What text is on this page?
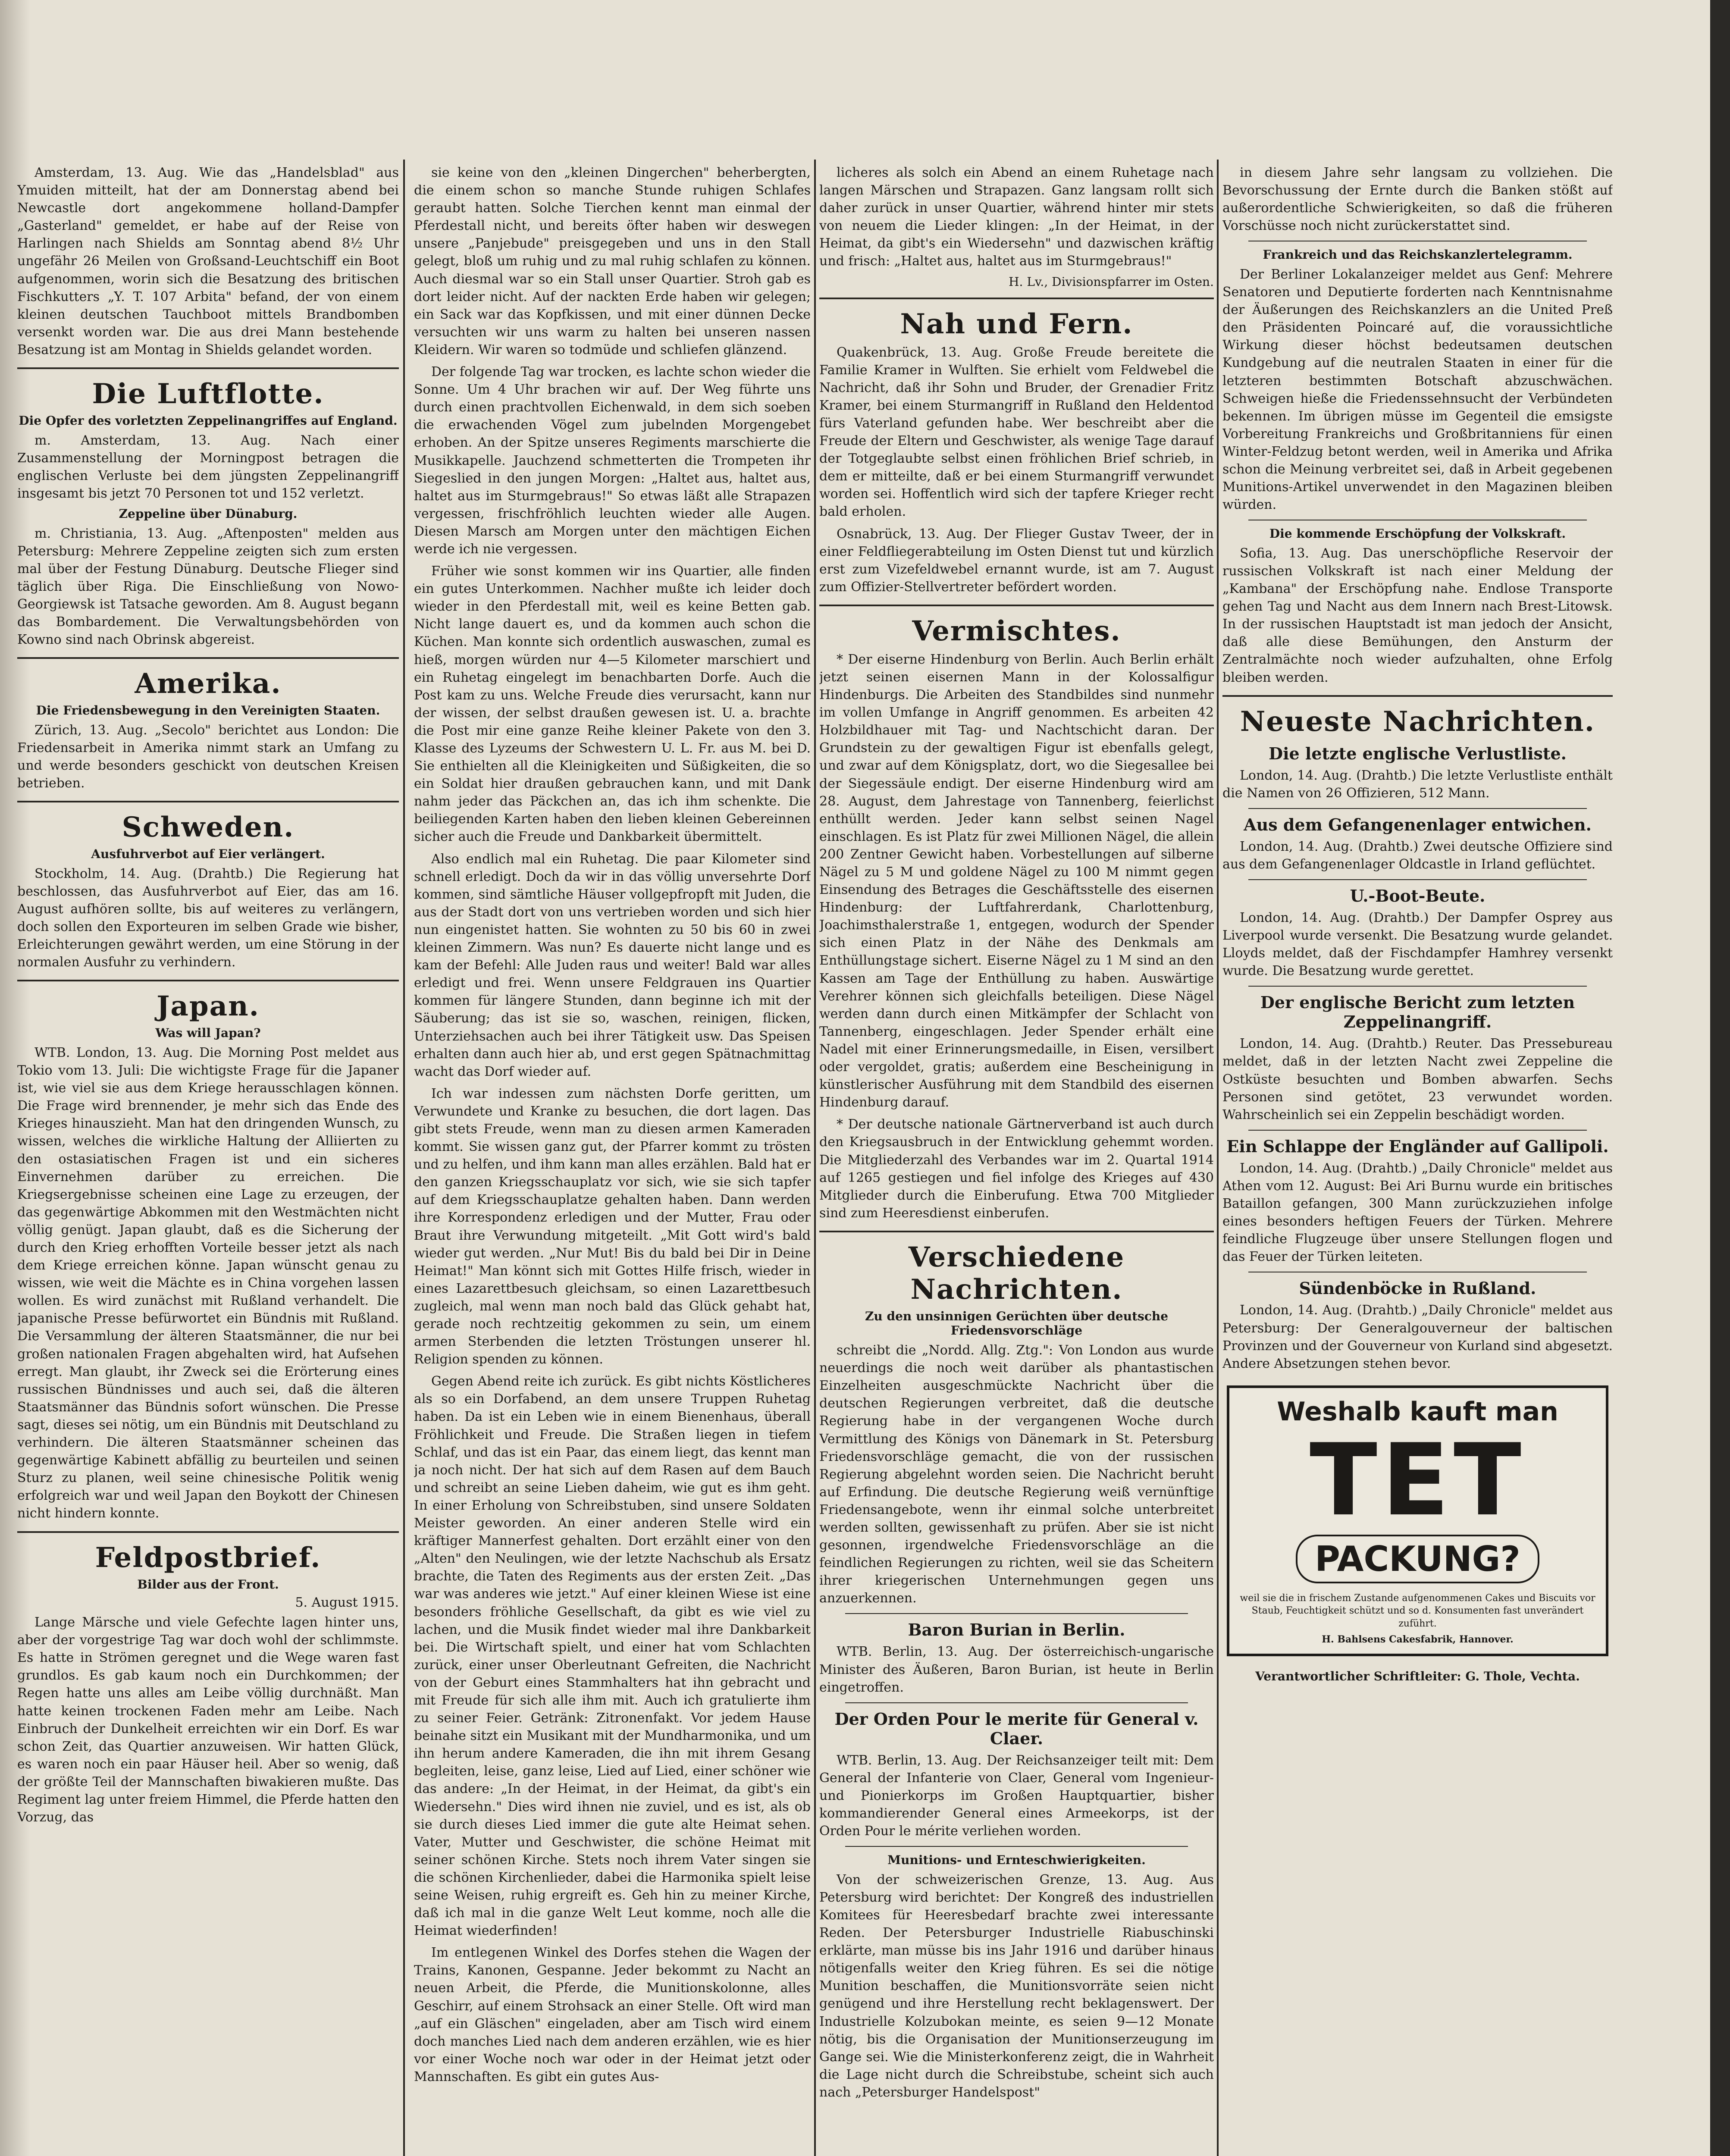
Amsterdam, 13. Aug. Wie das „Handelsblad" aus Ymuiden mitteilt, hat der am Donnerstag abend bei Newcastle dort angekommene holland-Dampfer „Gasterland" gemeldet, er habe auf der Reise von Harlingen nach Shields am Sonntag abend 8½ Uhr ungefähr 26 Meilen von Großsand-Leuchtschiff ein Boot aufgenommen, worin sich die Besatzung des britischen Fischkutters „Y. T. 107 Arbita" befand, der von einem kleinen deutschen Tauchboot mittels Brandbomben versenkt worden war. Die aus drei Mann bestehende Besatzung ist am Montag in Shields gelandet worden.

Die Luftflotte.
Die Opfer des vorletzten Zeppelinangriffes auf England.

m. Amsterdam, 13. Aug. Nach einer Zusammenstellung der Morningpost betragen die englischen Verluste bei dem jüngsten Zeppelinangriff insgesamt bis jetzt 70 Personen tot und 152 verletzt.

Zeppeline über Dünaburg.

m. Christiania, 13. Aug. „Aftenposten" melden aus Petersburg: Mehrere Zeppeline zeigten sich zum ersten mal über der Festung Dünaburg. Deutsche Flieger sind täglich über Riga. Die Einschließung von Nowo-Georgiewsk ist Tatsache geworden. Am 8. August begann das Bombardement. Die Verwaltungsbehörden von Kowno sind nach Obrinsk abgereist.

Amerika.
Die Friedensbewegung in den Vereinigten Staaten.

Zürich, 13. Aug. „Secolo" berichtet aus London: Die Friedensarbeit in Amerika nimmt stark an Umfang zu und werde besonders geschickt von deutschen Kreisen betrieben.

Schweden.
Ausfuhrverbot auf Eier verlängert.

Stockholm, 14. Aug. (Drahtb.) Die Regierung hat beschlossen, das Ausfuhrverbot auf Eier, das am 16. August aufhören sollte, bis auf weiteres zu verlängern, doch sollen den Exporteuren im selben Grade wie bisher, Erleichterungen gewährt werden, um eine Störung in der normalen Ausfuhr zu verhindern.

Japan.
Was will Japan?

WTB. London, 13. Aug. Die Morning Post meldet aus Tokio vom 13. Juli: Die wichtigste Frage für die Japaner ist, wie viel sie aus dem Kriege herausschlagen können. Die Frage wird brennender, je mehr sich das Ende des Krieges hinauszieht. Man hat den dringenden Wunsch, zu wissen, welches die wirkliche Haltung der Alliierten zu den ostasiatischen Fragen ist und ein sicheres Einvernehmen darüber zu erreichen. Die Kriegsergebnisse scheinen eine Lage zu erzeugen, der das gegenwärtige Abkommen mit den Westmächten nicht völlig genügt. Japan glaubt, daß es die Sicherung der durch den Krieg erhofften Vorteile besser jetzt als nach dem Kriege erreichen könne. Japan wünscht genau zu wissen, wie weit die Mächte es in China vorgehen lassen wollen. Es wird zunächst mit Rußland verhandelt. Die japanische Presse befürwortet ein Bündnis mit Rußland. Die Versammlung der älteren Staatsmänner, die nur bei großen nationalen Fragen abgehalten wird, hat Aufsehen erregt. Man glaubt, ihr Zweck sei die Erörterung eines russischen Bündnisses und auch sei, daß die älteren Staatsmänner das Bündnis sofort wünschen. Die Presse sagt, dieses sei nötig, um ein Bündnis mit Deutschland zu verhindern. Die älteren Staatsmänner scheinen das gegenwärtige Kabinett abfällig zu beurteilen und seinen Sturz zu planen, weil seine chinesische Politik wenig erfolgreich war und weil Japan den Boykott der Chinesen nicht hindern konnte.

Feldpostbrief.
Bilder aus der Front.
5. August 1915.

Lange Märsche und viele Gefechte lagen hinter uns, aber der vorgestrige Tag war doch wohl der schlimmste. Es hatte in Strömen geregnet und die Wege waren fast grundlos. Es gab kaum noch ein Durchkommen; der Regen hatte uns alles am Leibe völlig durchnäßt. Man hatte keinen trockenen Faden mehr am Leibe. Nach Einbruch der Dunkelheit erreichten wir ein Dorf. Es war schon Zeit, das Quartier anzuweisen. Wir hatten Glück, es waren noch ein paar Häuser heil. Aber so wenig, daß der größte Teil der Mannschaften biwakieren mußte. Das Regiment lag unter freiem Himmel, die Pferde hatten den Vorzug, das

sie keine von den „kleinen Dingerchen" beherbergten, die einem schon so manche Stunde ruhigen Schlafes geraubt hatten. Solche Tierchen kennt man einmal der Pferdestall nicht, und bereits öfter haben wir deswegen unsere „Panjebude" preisgegeben und uns in den Stall gelegt, bloß um ruhig und zu mal ruhig schlafen zu können. Auch diesmal war so ein Stall unser Quartier. Stroh gab es dort leider nicht. Auf der nackten Erde haben wir gelegen; ein Sack war das Kopfkissen, und mit einer dünnen Decke versuchten wir uns warm zu halten bei unseren nassen Kleidern. Wir waren so todmüde und schliefen glänzend.

Der folgende Tag war trocken, es lachte schon wieder die Sonne. Um 4 Uhr brachen wir auf. Der Weg führte uns durch einen prachtvollen Eichenwald, in dem sich soeben die erwachenden Vögel zum jubelnden Morgengebet erhoben. An der Spitze unseres Regiments marschierte die Musikkapelle. Jauchzend schmetterten die Trompeten ihr Siegeslied in den jungen Morgen: „Haltet aus, haltet aus, haltet aus im Sturmgebraus!" So etwas läßt alle Strapazen vergessen, frischfröhlich leuchten wieder alle Augen. Diesen Marsch am Morgen unter den mächtigen Eichen werde ich nie vergessen.

Früher wie sonst kommen wir ins Quartier, alle finden ein gutes Unterkommen. Nachher mußte ich leider doch wieder in den Pferdestall mit, weil es keine Betten gab. Nicht lange dauert es, und da kommen auch schon die Küchen. Man konnte sich ordentlich auswaschen, zumal es hieß, morgen würden nur 4—5 Kilometer marschiert und ein Ruhetag eingelegt im benachbarten Dorfe. Auch die Post kam zu uns. Welche Freude dies verursacht, kann nur der wissen, der selbst draußen gewesen ist. U. a. brachte die Post mir eine ganze Reihe kleiner Pakete von den 3. Klasse des Lyzeums der Schwestern U. L. Fr. aus M. bei D. Sie enthielten all die Kleinigkeiten und Süßigkeiten, die so ein Soldat hier draußen gebrauchen kann, und mit Dank nahm jeder das Päckchen an, das ich ihm schenkte. Die beiliegenden Karten haben den lieben kleinen Gebereinnen sicher auch die Freude und Dankbarkeit übermittelt.

Also endlich mal ein Ruhetag. Die paar Kilometer sind schnell erledigt. Doch da wir in das völlig unversehrte Dorf kommen, sind sämtliche Häuser vollgepfropft mit Juden, die aus der Stadt dort von uns vertrieben worden und sich hier nun eingenistet hatten. Sie wohnten zu 50 bis 60 in zwei kleinen Zimmern. Was nun? Es dauerte nicht lange und es kam der Befehl: Alle Juden raus und weiter! Bald war alles erledigt und frei. Wenn unsere Feldgrauen ins Quartier kommen für längere Stunden, dann beginne ich mit der Säuberung; das ist sie so, waschen, reinigen, flicken, Unterziehsachen auch bei ihrer Tätigkeit usw. Das Speisen erhalten dann auch hier ab, und erst gegen Spätnachmittag wacht das Dorf wieder auf.

Ich war indessen zum nächsten Dorfe geritten, um Verwundete und Kranke zu besuchen, die dort lagen. Das gibt stets Freude, wenn man zu diesen armen Kameraden kommt. Sie wissen ganz gut, der Pfarrer kommt zu trösten und zu helfen, und ihm kann man alles erzählen. Bald hat er den ganzen Kriegsschauplatz vor sich, wie sie sich tapfer auf dem Kriegsschauplatze gehalten haben. Dann werden ihre Korrespondenz erledigen und der Mutter, Frau oder Braut ihre Verwundung mitgeteilt. „Mit Gott wird's bald wieder gut werden. „Nur Mut! Bis du bald bei Dir in Deine Heimat!" Man könnt sich mit Gottes Hilfe frisch, wieder in eines Lazarettbesuch gleichsam, so einen Lazarettbesuch zugleich, mal wenn man noch bald das Glück gehabt hat, gerade noch rechtzeitig gekommen zu sein, um einem armen Sterbenden die letzten Tröstungen unserer hl. Religion spenden zu können.

Gegen Abend reite ich zurück. Es gibt nichts Köstlicheres als so ein Dorfabend, an dem unsere Truppen Ruhetag haben. Da ist ein Leben wie in einem Bienenhaus, überall Fröhlichkeit und Freude. Die Straßen liegen in tiefem Schlaf, und das ist ein Paar, das einem liegt, das kennt man ja noch nicht. Der hat sich auf dem Rasen auf dem Bauch und schreibt an seine Lieben daheim, wie gut es ihm geht. In einer Erholung von Schreibstuben, sind unsere Soldaten Meister geworden. An einer anderen Stelle wird ein kräftiger Mannerfest gehalten. Dort erzählt einer von den „Alten" den Neulingen, wie der letzte Nachschub als Ersatz brachte, die Taten des Regiments aus der ersten Zeit. „Das war was anderes wie jetzt." Auf einer kleinen Wiese ist eine besonders fröhliche Gesellschaft, da gibt es wie viel zu lachen, und die Musik findet wieder mal ihre Dankbarkeit bei. Die Wirtschaft spielt, und einer hat vom Schlachten zurück, einer unser Oberleutnant Gefreiten, die Nachricht von der Geburt eines Stammhalters hat ihn gebracht und mit Freude für sich alle ihm mit. Auch ich gratulierte ihm zu seiner Feier. Getränk: Zitronenfakt. Vor jedem Hause beinahe sitzt ein Musikant mit der Mundharmonika, und um ihn herum andere Kameraden, die ihn mit ihrem Gesang begleiten, leise, ganz leise, Lied auf Lied, einer schöner wie das andere: „In der Heimat, in der Heimat, da gibt's ein Wiedersehn." Dies wird ihnen nie zuviel, und es ist, als ob sie durch dieses Lied immer die gute alte Heimat sehen. Vater, Mutter und Geschwister, die schöne Heimat mit seiner schönen Kirche. Stets noch ihrem Vater singen sie die schönen Kirchenlieder, dabei die Harmonika spielt leise seine Weisen, ruhig ergreift es. Geh hin zu meiner Kirche, daß ich mal in die ganze Welt Leut komme, noch alle die Heimat wiederfinden!

Im entlegenen Winkel des Dorfes stehen die Wagen der Trains, Kanonen, Gespanne. Jeder bekommt zu Nacht an neuen Arbeit, die Pferde, die Munitionskolonne, alles Geschirr, auf einem Strohsack an einer Stelle. Oft wird man „auf ein Gläschen" eingeladen, aber am Tisch wird einem doch manches Lied nach dem anderen erzählen, wie es hier vor einer Woche noch war oder in der Heimat jetzt oder Mannschaften. Es gibt ein gutes Aus-

licheres als solch ein Abend an einem Ruhetage nach langen Märschen und Strapazen. Ganz langsam rollt sich daher zurück in unser Quartier, während hinter mir stets von neuem die Lieder klingen: „In der Heimat, in der Heimat, da gibt's ein Wiedersehn" und dazwischen kräftig und frisch: „Haltet aus, haltet aus im Sturmgebraus!"

H. Lv., Divisionspfarrer im Osten.
Nah und Fern.

Quakenbrück, 13. Aug. Große Freude bereitete die Familie Kramer in Wulften. Sie erhielt vom Feldwebel die Nachricht, daß ihr Sohn und Bruder, der Grenadier Fritz Kramer, bei einem Sturmangriff in Rußland den Heldentod fürs Vaterland gefunden habe. Wer beschreibt aber die Freude der Eltern und Geschwister, als wenige Tage darauf der Totgeglaubte selbst einen fröhlichen Brief schrieb, in dem er mitteilte, daß er bei einem Sturmangriff verwundet worden sei. Hoffentlich wird sich der tapfere Krieger recht bald erholen.

Osnabrück, 13. Aug. Der Flieger Gustav Tweer, der in einer Feldfliegerabteilung im Osten Dienst tut und kürzlich erst zum Vizefeldwebel ernannt wurde, ist am 7. August zum Offizier-Stellvertreter befördert worden.

Vermischtes.

* Der eiserne Hindenburg von Berlin. Auch Berlin erhält jetzt seinen eisernen Mann in der Kolossalfigur Hindenburgs. Die Arbeiten des Standbildes sind nunmehr im vollen Umfange in Angriff genommen. Es arbeiten 42 Holzbildhauer mit Tag- und Nachtschicht daran. Der Grundstein zu der gewaltigen Figur ist ebenfalls gelegt, und zwar auf dem Königsplatz, dort, wo die Siegesallee bei der Siegessäule endigt. Der eiserne Hindenburg wird am 28. August, dem Jahrestage von Tannenberg, feierlichst enthüllt werden. Jeder kann selbst seinen Nagel einschlagen. Es ist Platz für zwei Millionen Nägel, die allein 200 Zentner Gewicht haben. Vorbestellungen auf silberne Nägel zu 5 M und goldene Nägel zu 100 M nimmt gegen Einsendung des Betrages die Geschäftsstelle des eisernen Hindenburg: der Luftfahrerdank, Charlottenburg, Joachimsthalerstraße 1, entgegen, wodurch der Spender sich einen Platz in der Nähe des Denkmals am Enthüllungstage sichert. Eiserne Nägel zu 1 M sind an den Kassen am Tage der Enthüllung zu haben. Auswärtige Verehrer können sich gleichfalls beteiligen. Diese Nägel werden dann durch einen Mitkämpfer der Schlacht von Tannenberg, eingeschlagen. Jeder Spender erhält eine Nadel mit einer Erinnerungsmedaille, in Eisen, versilbert oder vergoldet, gratis; außerdem eine Bescheinigung in künstlerischer Ausführung mit dem Standbild des eisernen Hindenburg darauf.

* Der deutsche nationale Gärtnerverband ist auch durch den Kriegsausbruch in der Entwicklung gehemmt worden. Die Mitgliederzahl des Verbandes war im 2. Quartal 1914 auf 1265 gestiegen und fiel infolge des Krieges auf 430 Mitglieder durch die Einberufung. Etwa 700 Mitglieder sind zum Heeresdienst einberufen.

Verschiedene Nachrichten.
Zu den unsinnigen Gerüchten über deutsche Friedensvorschläge

schreibt die „Nordd. Allg. Ztg.": Von London aus wurde neuerdings die noch weit darüber als phantastischen Einzelheiten ausgeschmückte Nachricht über die deutschen Regierungen verbreitet, daß die deutsche Regierung habe in der vergangenen Woche durch Vermittlung des Königs von Dänemark in St. Petersburg Friedensvorschläge gemacht, die von der russischen Regierung abgelehnt worden seien. Die Nachricht beruht auf Erfindung. Die deutsche Regierung weiß vernünftige Friedensangebote, wenn ihr einmal solche unterbreitet werden sollten, gewissenhaft zu prüfen. Aber sie ist nicht gesonnen, irgendwelche Friedensvorschläge an die feindlichen Regierungen zu richten, weil sie das Scheitern ihrer kriegerischen Unternehmungen gegen uns anzuerkennen.

Baron Burian in Berlin.

WTB. Berlin, 13. Aug. Der österreichisch-ungarische Minister des Äußeren, Baron Burian, ist heute in Berlin eingetroffen.

Der Orden Pour le merite für General v. Claer.

WTB. Berlin, 13. Aug. Der Reichsanzeiger teilt mit: Dem General der Infanterie von Claer, General vom Ingenieur- und Pionierkorps im Großen Hauptquartier, bisher kommandierender General eines Armeekorps, ist der Orden Pour le mérite verliehen worden.

Munitions- und Ernteschwierigkeiten.

Von der schweizerischen Grenze, 13. Aug. Aus Petersburg wird berichtet: Der Kongreß des industriellen Komitees für Heeresbedarf brachte zwei interessante Reden. Der Petersburger Industrielle Riabuschinski erklärte, man müsse bis ins Jahr 1916 und darüber hinaus nötigenfalls weiter den Krieg führen. Es sei die nötige Munition beschaffen, die Munitionsvorräte seien nicht genügend und ihre Herstellung recht beklagenswert. Der Industrielle Kolzubokan meinte, es seien 9—12 Monate nötig, bis die Organisation der Munitionserzeugung im Gange sei. Wie die Ministerkonferenz zeigt, die in Wahrheit die Lage nicht durch die Schreibstube, scheint sich auch nach „Petersburger Handelspost"

in diesem Jahre sehr langsam zu vollziehen. Die Bevorschussung der Ernte durch die Banken stößt auf außerordentliche Schwierigkeiten, so daß die früheren Vorschüsse noch nicht zurückerstattet sind.

Frankreich und das Reichskanzlertelegramm.

Der Berliner Lokalanzeiger meldet aus Genf: Mehrere Senatoren und Deputierte forderten nach Kenntnisnahme der Äußerungen des Reichskanzlers an die United Preß den Präsidenten Poincaré auf, die voraussichtliche Wirkung dieser höchst bedeutsamen deutschen Kundgebung auf die neutralen Staaten in einer für die letzteren bestimmten Botschaft abzuschwächen. Schweigen hieße die Friedenssehnsucht der Verbündeten bekennen. Im übrigen müsse im Gegenteil die emsigste Vorbereitung Frankreichs und Großbritanniens für einen Winter-Feldzug betont werden, weil in Amerika und Afrika schon die Meinung verbreitet sei, daß in Arbeit gegebenen Munitions-Artikel unverwendet in den Magazinen bleiben würden.

Die kommende Erschöpfung der Volkskraft.

Sofia, 13. Aug. Das unerschöpfliche Reservoir der russischen Volkskraft ist nach einer Meldung der „Kambana" der Erschöpfung nahe. Endlose Transporte gehen Tag und Nacht aus dem Innern nach Brest-Litowsk. In der russischen Hauptstadt ist man jedoch der Ansicht, daß alle diese Bemühungen, den Ansturm der Zentralmächte noch wieder aufzuhalten, ohne Erfolg bleiben werden.

Neueste Nachrichten.
Die letzte englische Verlustliste.

London, 14. Aug. (Drahtb.) Die letzte Verlustliste enthält die Namen von 26 Offizieren, 512 Mann.

Aus dem Gefangenenlager entwichen.

London, 14. Aug. (Drahtb.) Zwei deutsche Offiziere sind aus dem Gefangenenlager Oldcastle in Irland geflüchtet.

U.-Boot-Beute.

London, 14. Aug. (Drahtb.) Der Dampfer Osprey aus Liverpool wurde versenkt. Die Besatzung wurde gelandet. Lloyds meldet, daß der Fischdampfer Hamhrey versenkt wurde. Die Besatzung wurde gerettet.

Der englische Bericht zum letzten Zeppelinangriff.

London, 14. Aug. (Drahtb.) Reuter. Das Pressebureau meldet, daß in der letzten Nacht zwei Zeppeline die Ostküste besuchten und Bomben abwarfen. Sechs Personen sind getötet, 23 verwundet worden. Wahrscheinlich sei ein Zeppelin beschädigt worden.

Ein Schlappe der Engländer auf Gallipoli.

London, 14. Aug. (Drahtb.) „Daily Chronicle" meldet aus Athen vom 12. August: Bei Ari Burnu wurde ein britisches Bataillon gefangen, 300 Mann zurückzuziehen infolge eines besonders heftigen Feuers der Türken. Mehrere feindliche Flugzeuge über unsere Stellungen flogen und das Feuer der Türken leiteten.

Sündenböcke in Rußland.

London, 14. Aug. (Drahtb.) „Daily Chronicle" meldet aus Petersburg: Der Generalgouverneur der baltischen Provinzen und der Gouverneur von Kurland sind abgesetzt. Andere Absetzungen stehen bevor.

Weshalb kauft man
TET
PACKUNG?
weil sie die in frischem Zustande aufgenommenen Cakes und Biscuits vor Staub, Feuchtigkeit schützt und so d. Konsumenten fast unverändert zuführt.
H. Bahlsens Cakesfabrik, Hannover.
Verantwortlicher Schriftleiter: G. Thole, Vechta.
